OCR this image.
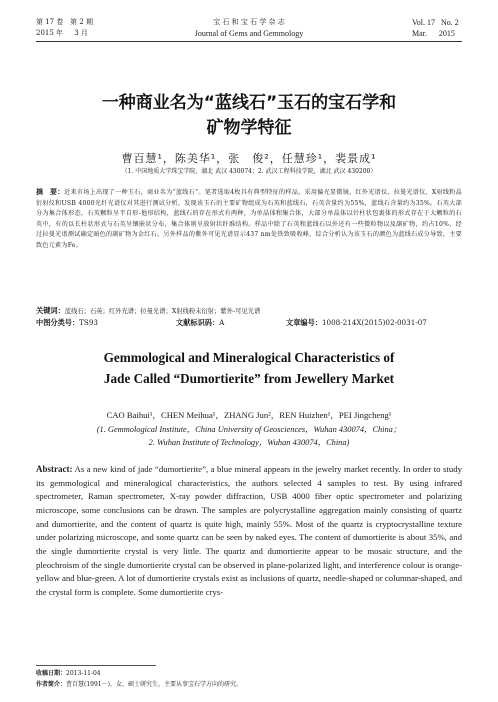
第 17 卷 第 2 期
2015 年 3 月
宝 石 和 宝 石 学 杂 志
Journal of Gems and Gemmology
Vol. 17 No. 2
Mar. 2015
一种商业名为“蓝线石”玉石的宝石学和
矿物学特征
曹百慧¹，陈美华¹，张　俊²，任慧珍¹，裴景成¹
（1. 中国地质大学珠宝学院，湖北 武汉 430074；2. 武汉工程科技学院，湖北 武汉 430200）
摘　要：近来市场上出现了一种玉石，商业名为“蓝线石”。笔者选取4枚具有典型特征的样品，采用偏光显微镜、红外光谱仪、拉曼光谱仪、X射线粉晶衍射仪和USB 4000光纤光谱仪对其进行测试分析，发现该玉石的主要矿物组成为石英和蓝线石，石英含量约为55%，蓝线石含量约为35%。石英大部分为集合体形态，石英颗粒呈半自形-他形结构，蓝线石的存在形式有两种，为单晶体和集合体，大部分单晶体以针柱状包裹体的形式存在于大颗粒的石英中，有的以长柱状形式与石英呈镶嵌状分布，集合体则呈放射状纤维结构。样品中除了石英和蓝线石以外还有一些微粒物以及副矿物，约占10%，经过拉曼光谱测试确定暗色的副矿物为金红石。另外样品的紫外可见光谱显示437 nm处铁致吸收峰，综合分析认为该玉石的颜色为蓝线石成分导致，主要致色元素为Fe。
关键词：蓝线石；石英；红外光谱；拉曼光谱；X射线粉末衍射；紫外-可见光谱
中图分类号：TS93	文献标识码：A	文章编号：1008-214X(2015)02-0031-07
Gemmological and Mineralogical Characteristics of
Jade Called “Dumortierite” from Jewellery Market
CAO Baihui¹，CHEN Meihua¹，ZHANG Jun²，REN Huizhen¹，PEI Jingcheng¹
(1. Gemmological Institute，China University of Geosciences，Wuhan 430074，China；
2. Wuhan Institute of Technology，Wuhan 430074，China)
Abstract: As a new kind of jade “dumortierite”, a blue mineral appears in the jewelry market recently. In order to study its gemmological and mineralogical characteristics, the authors selected 4 samples to test. By using infrared spectrometer, Raman spectrometer, X-ray powder diffraction, USB 4000 fiber optic spectrometer and polarizing microscope, some conclusions can be drawn. The samples are polycrystalline aggregation mainly consisting of quartz and dumortierite, and the content of quartz is quite high, mainly 55%. Most of the quartz is cryptocrystalline texture under polarizing microscope, and some quartz can be seen by naked eyes. The content of dumortierite is about 35%, and the single dumortierite crystal is very little. The quartz and dumortierite appear to be mosaic structure, and the pleochroism of the single dumortierite crystal can be observed in plane-polarized light, and interference colour is orange-yellow and blue-green. A lot of dumortierite crystals exist as inclusions of quartz, needle-shaped or columnar-shaped, and the crystal form is complete. Some dumortierite crys-
收稿日期：2013-11-04
作者简介：曹百慧(1991－)，女，硕士研究生，主要从事宝石学方向的研究。
